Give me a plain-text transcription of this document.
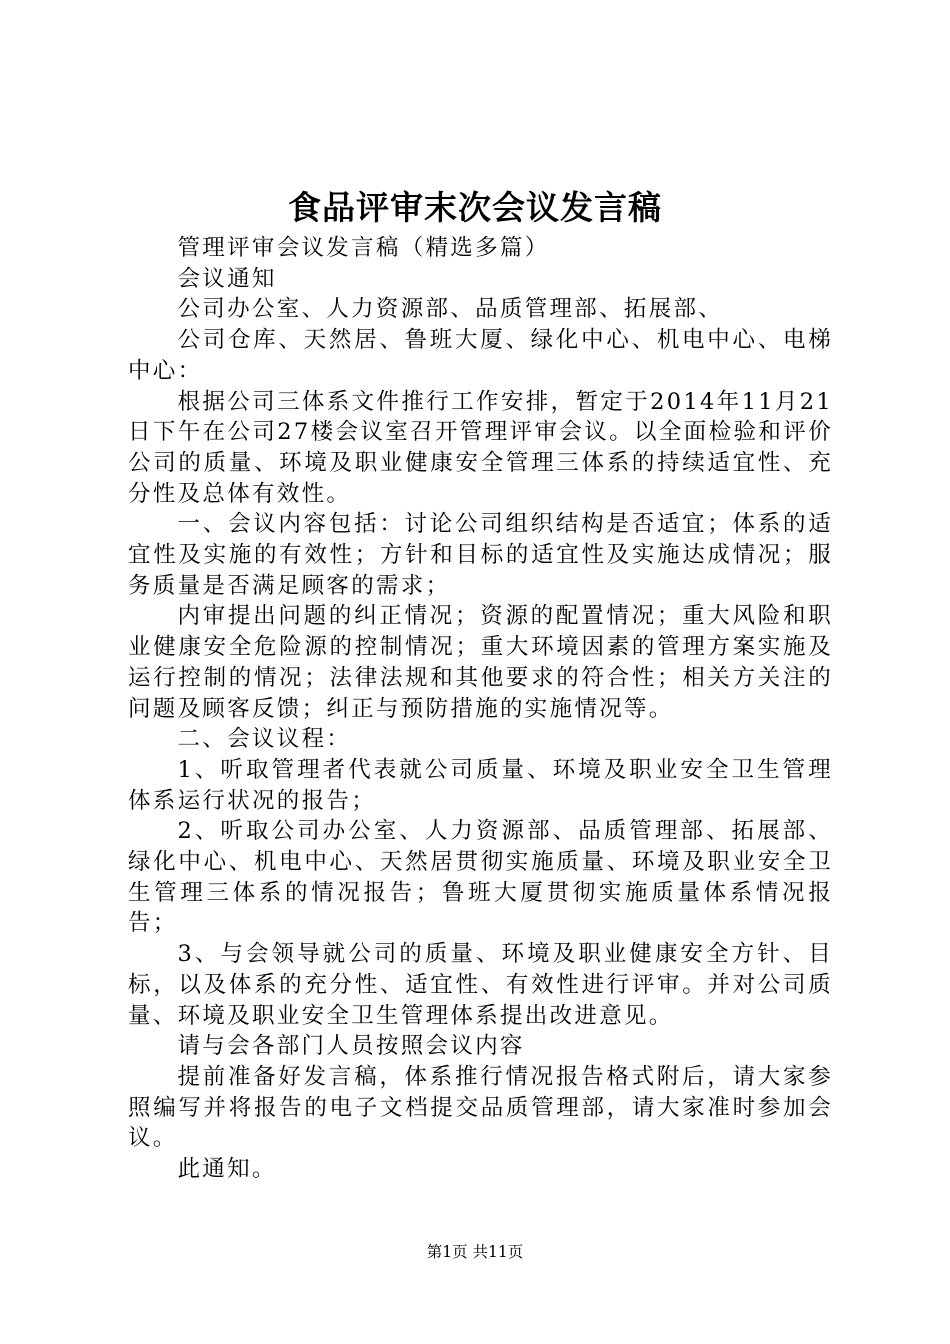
食品评审末次会议发言稿

管理评审会议发言稿（精选多篇）

会议通知

公司办公室、人力资源部、品质管理部、拓展部、

公司仓库、天然居、鲁班大厦、绿化中心、机电中心、电梯中心：

根据公司三体系文件推行工作安排，暂定于2014年11月21日下午在公司27楼会议室召开管理评审会议。以全面检验和评价公司的质量、环境及职业健康安全管理三体系的持续适宜性、充分性及总体有效性。

一、会议内容包括：讨论公司组织结构是否适宜；体系的适宜性及实施的有效性；方针和目标的适宜性及实施达成情况；服务质量是否满足顾客的需求；

内审提出问题的纠正情况；资源的配置情况；重大风险和职业健康安全危险源的控制情况；重大环境因素的管理方案实施及运行控制的情况；法律法规和其他要求的符合性；相关方关注的问题及顾客反馈；纠正与预防措施的实施情况等。

二、会议议程：

1、听取管理者代表就公司质量、环境及职业安全卫生管理体系运行状况的报告；

2、听取公司办公室、人力资源部、品质管理部、拓展部、绿化中心、机电中心、天然居贯彻实施质量、环境及职业安全卫生管理三体系的情况报告；鲁班大厦贯彻实施质量体系情况报告；

3、与会领导就公司的质量、环境及职业健康安全方针、目标，以及体系的充分性、适宜性、有效性进行评审。并对公司质量、环境及职业安全卫生管理体系提出改进意见。

请与会各部门人员按照会议内容

提前准备好发言稿，体系推行情况报告格式附后，请大家参照编写并将报告的电子文档提交品质管理部，请大家准时参加会议。

此通知。

第1页 共11页
